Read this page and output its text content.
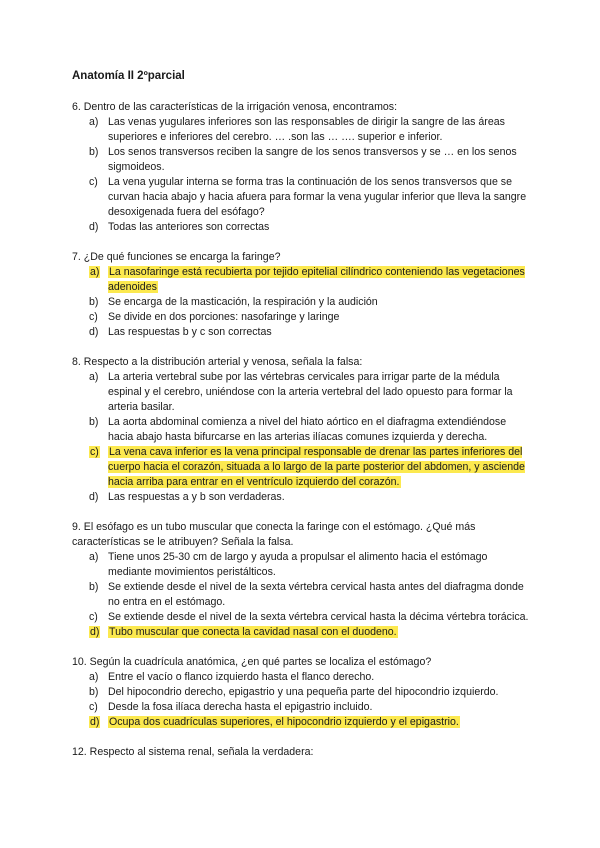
Anatomía II 2ºparcial

6. Dentro de las características de la irrigación venosa, encontramos:

a) Las venas yugulares inferiores son las responsables de dirigir la sangre de las áreas superiores e inferiores del cerebro. … .son las … …. superior e inferior.
b) Los senos transversos reciben la sangre de los senos transversos y se … en los senos sigmoideos.
c) La vena yugular interna se forma tras la continuación de los senos transversos que se curvan hacia abajo y hacia afuera para formar la vena yugular inferior que lleva la sangre desoxigenada fuera del esófago?
d) Todas las anteriores son correctas

7. ¿De qué funciones se encarga la faringe?

a) La nasofaringe está recubierta por tejido epitelial cilíndrico conteniendo las vegetaciones adenoides
b) Se encarga de la masticación, la respiración y la audición
c) Se divide en dos porciones: nasofaringe y laringe
d) Las respuestas b y c son correctas

8. Respecto a la distribución arterial y venosa, señala la falsa:

a) La arteria vertebral sube por las vértebras cervicales para irrigar parte de la médula espinal y el cerebro, uniéndose con la arteria vertebral del lado opuesto para formar la arteria basilar.
b) La aorta abdominal comienza a nivel del hiato aórtico en el diafragma extendiéndose hacia abajo hasta bifurcarse en las arterias ilíacas comunes izquierda y derecha.
c) La vena cava inferior es la vena principal responsable de drenar las partes inferiores del cuerpo hacia el corazón, situada a lo largo de la parte posterior del abdomen, y asciende hacia arriba para entrar en el ventrículo izquierdo del corazón.
d) Las respuestas a y b son verdaderas.

9. El esófago es un tubo muscular que conecta la faringe con el estómago. ¿Qué más características se le atribuyen? Señala la falsa.

a) Tiene unos 25-30 cm de largo y ayuda a propulsar el alimento hacia el estómago mediante movimientos peristálticos.
b) Se extiende desde el nivel de la sexta vértebra cervical hasta antes del diafragma donde no entra en el estómago.
c) Se extiende desde el nivel de la sexta vértebra cervical hasta la décima vértebra torácica.
d) Tubo muscular que conecta la cavidad nasal con el duodeno.

10. Según la cuadrícula anatómica, ¿en qué partes se localiza el estómago?

a) Entre el vacío o flanco izquierdo hasta el flanco derecho.
b) Del hipocondrio derecho, epigastrio y una pequeña parte del hipocondrio izquierdo.
c) Desde la fosa ilíaca derecha hasta el epigastrio incluido.
d) Ocupa dos cuadrículas superiores, el hipocondrio izquierdo y el epigastrio.

12. Respecto al sistema renal, señala la verdadera:
